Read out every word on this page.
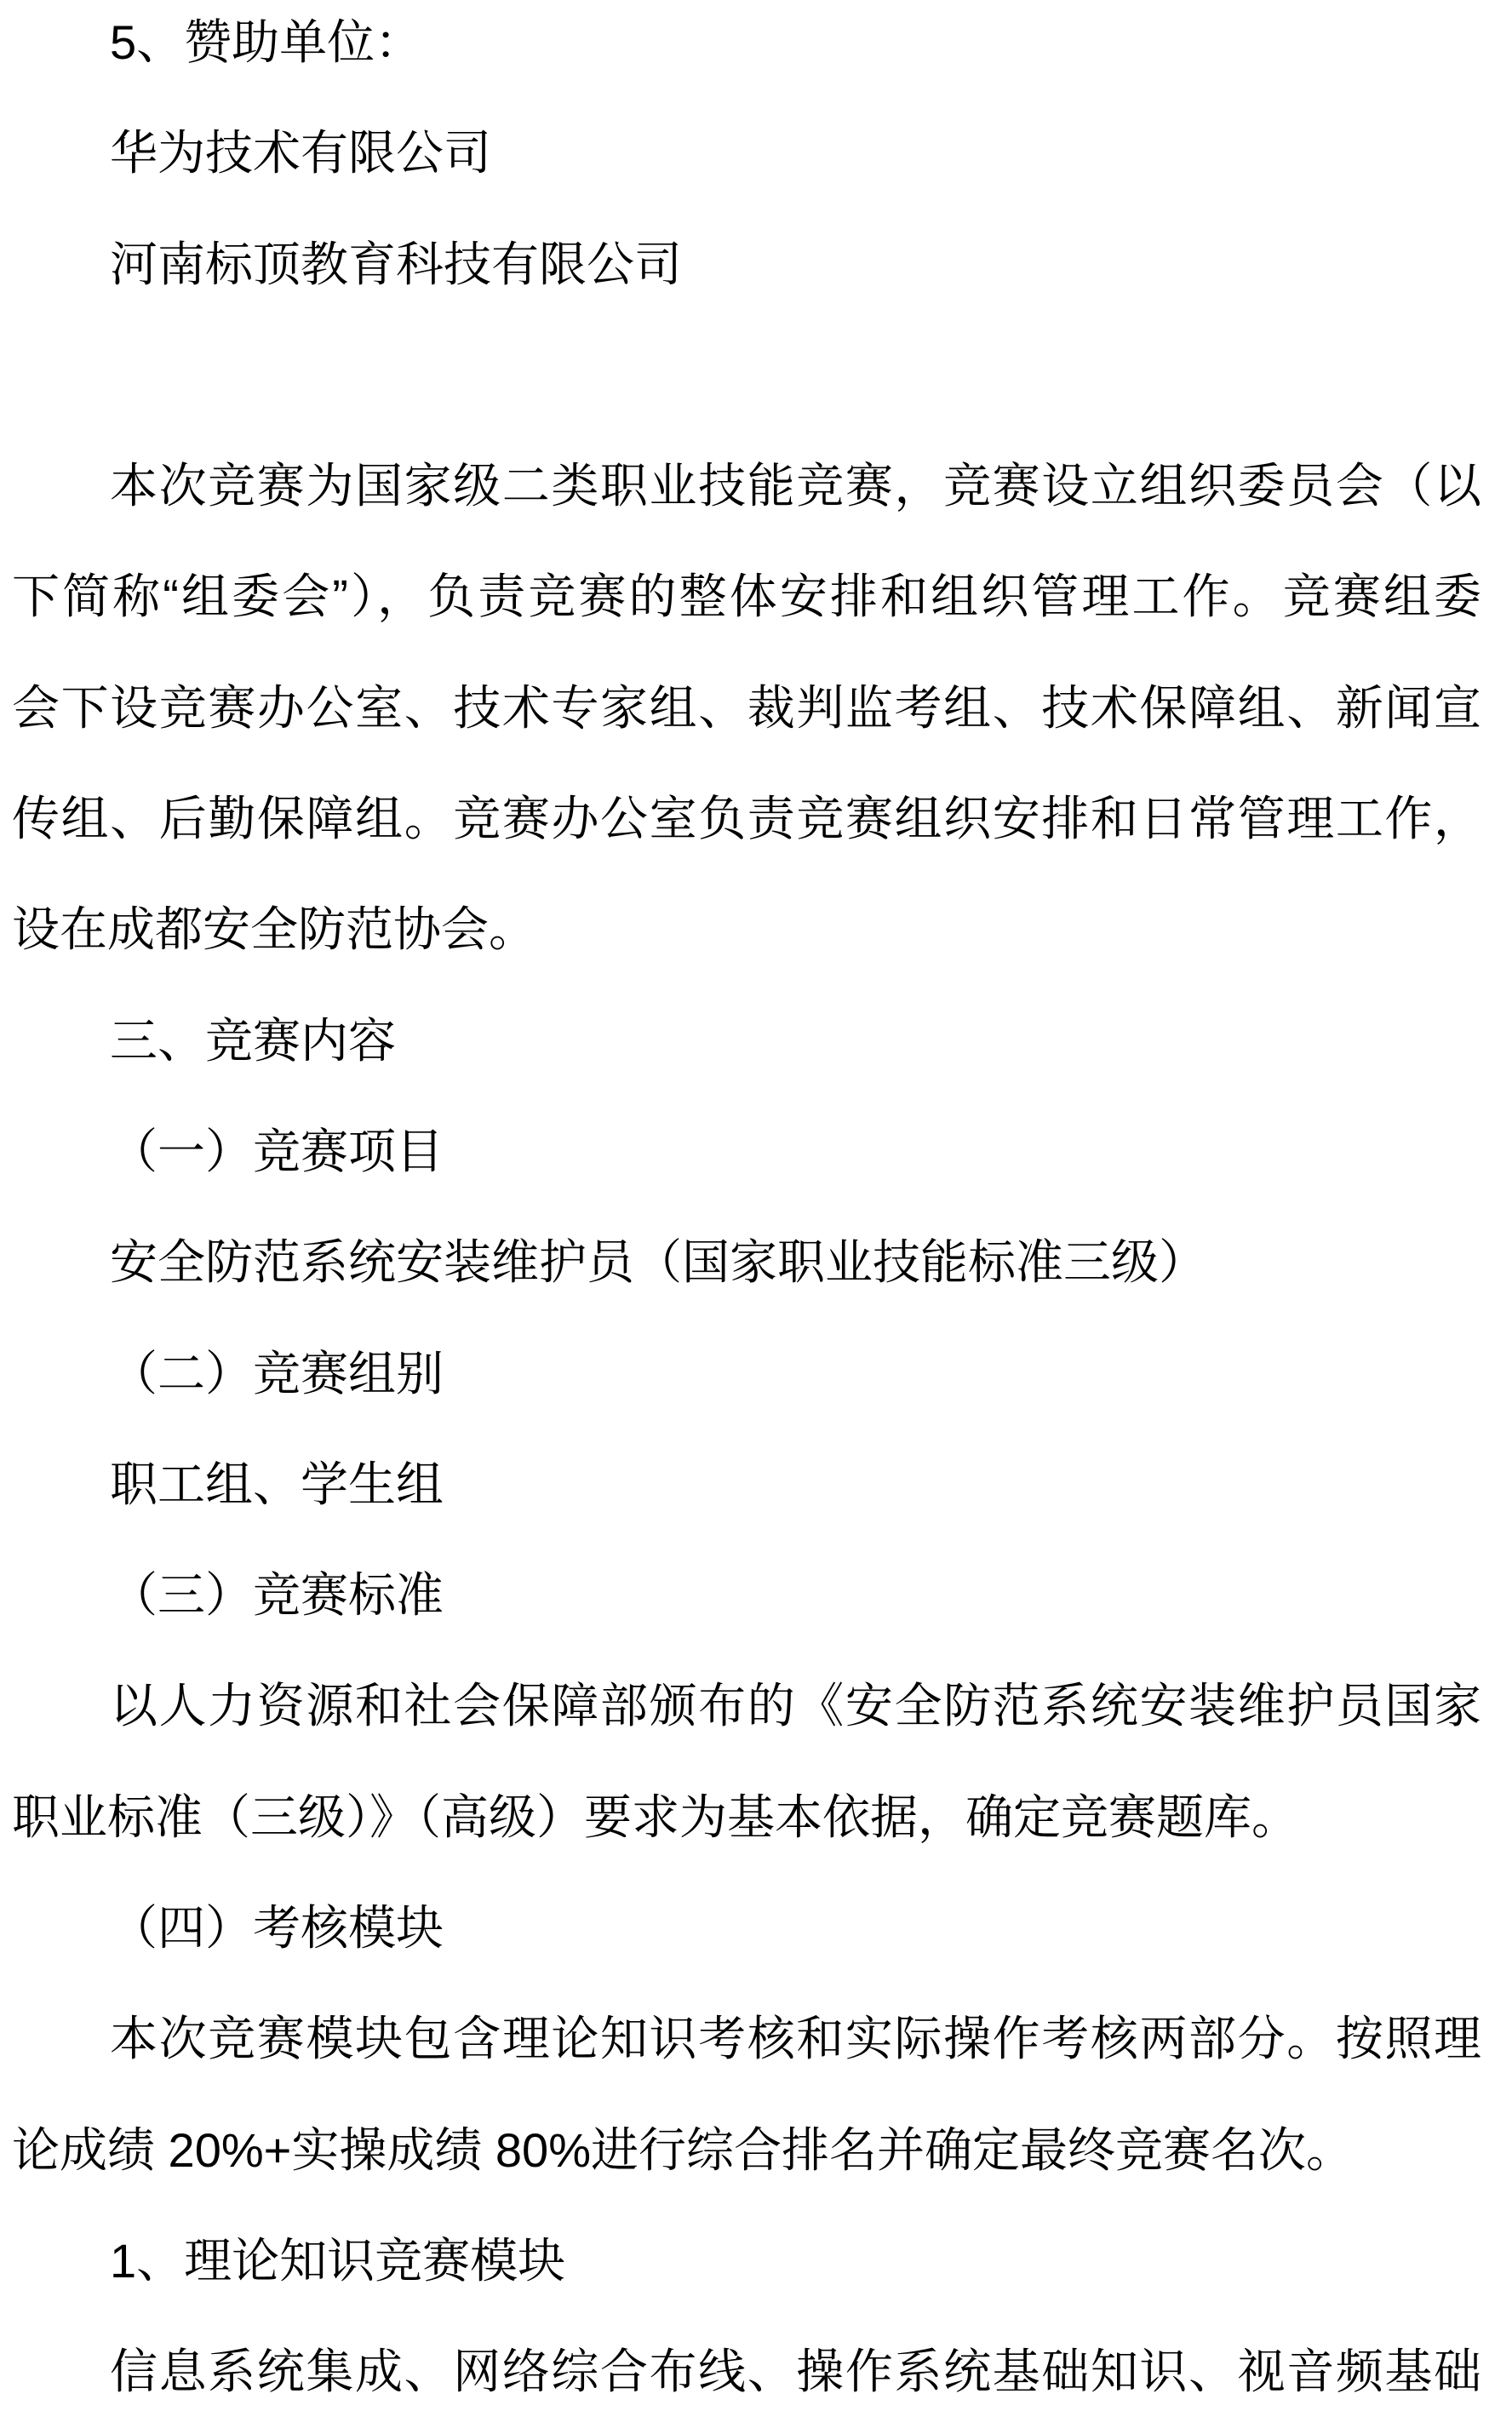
5、赞助单位：
华为技术有限公司
河南标顶教育科技有限公司
本次竞赛为国家级二类职业技能竞赛，竞赛设立组织委员会（以
下简称“组委会”），负责竞赛的整体安排和组织管理工作。竞赛组委
会下设竞赛办公室、技术专家组、裁判监考组、技术保障组、新闻宣
传组、后勤保障组。竞赛办公室负责竞赛组织安排和日常管理工作，
设在成都安全防范协会。
三、竞赛内容
（一）竞赛项目
安全防范系统安装维护员（国家职业技能标准三级）
（二）竞赛组别
职工组、学生组
（三）竞赛标准
以人力资源和社会保障部颁布的《安全防范系统安装维护员国家
职业标准（三级）》（高级）要求为基本依据，确定竞赛题库。
（四）考核模块
本次竞赛模块包含理论知识考核和实际操作考核两部分。按照理
论成绩 20%+实操成绩 80%进行综合排名并确定最终竞赛名次。
1、理论知识竞赛模块
信息系统集成、网络综合布线、操作系统基础知识、视音频基础
